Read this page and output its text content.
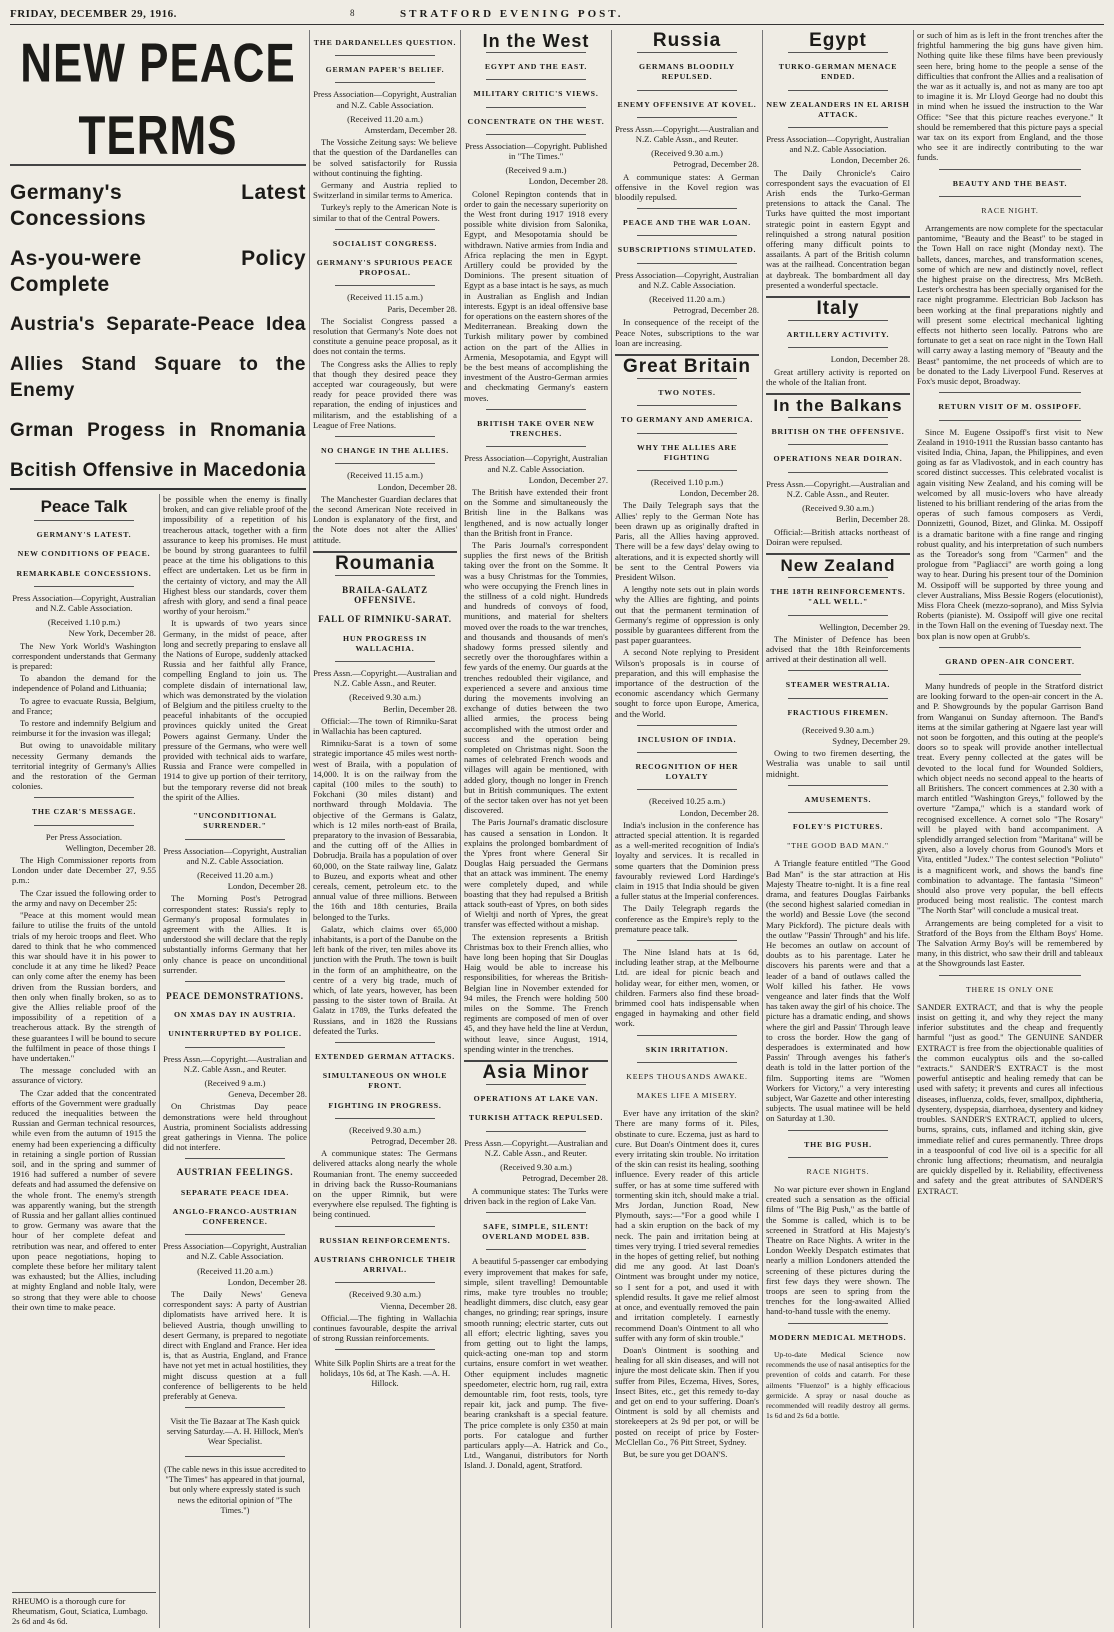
FRIDAY, DECEMBER 29, 1916.	8	STRATFORD EVENING POST.
NEW PEACE TERMS
Germany's Latest Concessions
As-you-were Policy Complete
Austria's Separate-Peace Idea
Allies Stand Square to the Enemy
Grman Progess in Rnomania
Bcitish Offensive in Macedonia
Peace Talk
GERMANY'S LATEST.
NEW CONDITIONS OF PEACE.
REMARKABLE CONCESSIONS.

Press Association—Copyright, Australian and N.Z. Cable Association.

(Received 1.10 p.m.)

New York, December 28.

The New York World's Washington correspondent understands that Germany is prepared:

To abandon the demand for the independence of Poland and Lithuania;

To agree to evacuate Russia, Belgium, and France;

To restore and indemnify Belgium and reimburse it for the invasion was illegal;

But owing to unavoidable military necessity Germany demands the territorial integrity of Germany's Allies and the restoration of the German colonies.

THE CZAR'S MESSAGE.

Per Press Association.

Wellington, December 28.

The High Commissioner reports from London under date December 27, 9.55 p.m.:

The Czar issued the following order to the army and navy on December 25:

"Peace at this moment would mean failure to utilise the fruits of the untold trials of my heroic troops and fleet. Who dared to think that he who commenced this war should have it in his power to conclude it at any time he liked? Peace can only come after the enemy has been driven from the Russian borders, and then only when finally broken, so as to give the Allies reliable proof of the impossibility of a repetition of a treacherous attack. By the strength of these guarantees I will be bound to secure the fulfilment in peace of those things I have undertaken."

The message concluded with an assurance of victory.

The Czar added that the concentrated efforts of the Government were gradually reduced the inequalities between the Russian and German technical resources, while even from the autumn of 1915 the enemy had been experiencing a difficulty in retaining a single portion of Russian soil, and in the spring and summer of 1916 had suffered a number of severe defeats and had assumed the defensive on the whole front. The enemy's strength was apparently waning, but the strength of Russia and her gallant allies continued to grow. Germany was aware that the hour of her complete defeat and retribution was near, and offered to enter upon peace negotiations, hoping to complete these before her military talent was exhausted; but the Allies, including at mighty England and noble Italy, were so strong that they were able to choose their own time to make peace.

RHEUMO is a thorough cure for Rheumatism, Gout, Sciatica, Lumbago. 2s 6d and 4s 6d.

be possible when the enemy is finally broken, and can give reliable proof of the impossibility of a repetition of his treacherous attack, together with a firm assurance to keep his promises. He must be bound by strong guarantees to fulfil peace at the time his obligations to this effect are undertaken. Let us be firm in the certainty of victory, and may the All Highest bless our standards, cover them afresh with glory, and send a final peace worthy of your heroism."

It is upwards of two years since Germany, in the midst of peace, after long and secretly preparing to enslave all the Nations of Europe, suddenly attacked Russia and her faithful ally France, compelling England to join us. The complete disdain of international law, which was demonstrated by the violation of Belgium and the pitiless cruelty to the peaceful inhabitants of the occupied provinces quickly united the Great Powers against Germany. Under the pressure of the Germans, who were well provided with technical aids to warfare, Russia and France were compelled in 1914 to give up portion of their territory, but the temporary reverse did not break the spirit of the Allies.

"UNCONDITIONAL SURRENDER."

Press Association—Copyright, Australian and N.Z. Cable Association.

(Received 11.20 a.m.)

London, December 28.

The Morning Post's Petrograd correspondent states: Russia's reply to Germany's proposal formulates in agreement with the Allies. It is understood she will declare that the reply substantially informs Germany that her only chance is peace on unconditional surrender.

PEACE DEMONSTRATIONS.
ON XMAS DAY IN AUSTRIA.
UNINTERRUPTED BY POLICE.

Press Assn.—Copyright.—Australian and N.Z. Cable Assn., and Reuter.

(Received 9 a.m.)

Geneva, December 28.

On Christmas Day peace demonstrations were held throughout Austria, prominent Socialists addressing great gatherings in Vienna. The police did not interfere.

AUSTRIAN FEELINGS.
SEPARATE PEACE IDEA.
ANGLO-FRANCO-AUSTRIAN CONFERENCE.

Press Association—Copyright, Australian and N.Z. Cable Association.

(Received 11.20 a.m.)

London, December 28.

The Daily News' Geneva correspondent says: A party of Austrian diplomatists have arrived here. It is believed Austria, though unwilling to desert Germany, is prepared to negotiate direct with England and France. Her idea is, that as Austria, England, and France have not yet met in actual hostilities, they might discuss question at a full conference of belligerents to be held preferably at Geneva.

Visit the Tie Bazaar at The Kash quick serving Saturday.—A. H. Hillock, Men's Wear Specialist.

(The cable news in this issue accredited to "The Times" has appeared in that journal, but only where expressly stated is such news the editorial opinion of "The Times.")

THE DARDANELLES QUESTION.
GERMAN PAPER'S BELIEF.

Press Association—Copyright, Australian and N.Z. Cable Association.

(Received 11.20 a.m.)

Amsterdam, December 28.

The Vossiche Zeitung says: We believe that the question of the Dardanelles can be solved satisfactorily for Russia without continuing the fighting.

Germany and Austria replied to Switzerland in similar terms to America.

Turkey's reply to the American Note is similar to that of the Central Powers.

SOCIALIST CONGRESS.
GERMANY'S SPURIOUS PEACE PROPOSAL.

(Received 11.15 a.m.)

Paris, December 28.

The Socialist Congress passed a resolution that Germany's Note does not constitute a genuine peace proposal, as it does not contain the terms.

The Congress asks the Allies to reply that though they desired peace they accepted war courageously, but were ready for peace provided there was reparation, the ending of injustices and militarism, and the establishing of a League of Free Nations.

NO CHANGE IN THE ALLIES.

(Received 11.15 a.m.)

London, December 28.

The Manchester Guardian declares that the second American Note received in London is explanatory of the first, and the Note does not alter the Allies' attitude.

Roumania
BRAILA-GALATZ OFFENSIVE.
FALL OF RIMNIKU-SARAT.
HUN PROGRESS IN WALLACHIA.

Press Assn.—Copyright.—Australian and N.Z. Cable Assn., and Reuter.

(Received 9.30 a.m.)

Berlin, December 28.

Official:—The town of Rimniku-Sarat in Wallachia has been captured.

Rimniku-Sarat is a town of some strategic importance 45 miles west north-west of Braila, with a population of 14,000. It is on the railway from the capital (100 miles to the south) to Fokchani (30 miles distant) and northward through Moldavia. The objective of the Germans is Galatz, which is 12 miles north-east of Braila, preparatory to the invasion of Bessarabia, and the cutting off of the Allies in Dobrudja. Braila has a population of over 60,000, on the State railway line, Galatz to Buzeu, and exports wheat and other cereals, cement, petroleum etc. to the annual value of three millions. Between the 16th and 18th centuries, Braila belonged to the Turks.

Galatz, which claims over 65,000 inhabitants, is a port of the Danube on the left bank of the river, ten miles above its junction with the Pruth. The town is built in the form of an amphitheatre, on the centre of a very big trade, much of which, of late years, however, has been passing to the sister town of Braila. At Galatz in 1789, the Turks defeated the Russians, and in 1828 the Russians defeated the Turks.

EXTENDED GERMAN ATTACKS.
SIMULTANEOUS ON WHOLE FRONT.
FIGHTING IN PROGRESS.

(Received 9.30 a.m.)

Petrograd, December 28.

A communique states: The Germans delivered attacks along nearly the whole Roumanian front. The enemy succeeded in driving back the Russo-Roumanians on the upper Rimnik, but were everywhere else repulsed. The fighting is being continued.

RUSSIAN REINFORCEMENTS.
AUSTRIANS CHRONICLE THEIR ARRIVAL.

(Received 9.30 a.m.)

Vienna, December 28.

Official.—The fighting in Wallachia continues favourable, despite the arrival of strong Russian reinforcements.

White Silk Poplin Shirts are a treat for the holidays, 10s 6d, at The Kash. —A. H. Hillock.

In the West
EGYPT AND THE EAST.
MILITARY CRITIC'S VIEWS.
CONCENTRATE ON THE WEST.

Press Association—Copyright. Published in "The Times."

(Received 9 a.m.)

London, December 28.

Colonel Repington contends that in order to gain the necessary superiority on the West front during 1917 1918 every possible white division from Salonika, Egypt, and Mesopotamia should be withdrawn. Native armies from India and Africa replacing the men in Egypt. Artillery could be provided by the Dominions. The present situation of Egypt as a base intact is he says, as much in Australian as English and Indian interests. Egypt is an ideal offensive base for operations on the eastern shores of the Mediterranean. Breaking down the Turkish military power by combined action on the part of the Allies in Armenia, Mesopotamia, and Egypt will be the best means of accomplishing the investment of the Austro-German armies and checkmating Germany's eastern moves.

BRITISH TAKE OVER NEW TRENCHES.

Press Association—Copyright, Australian and N.Z. Cable Association.

London, December 27.

The British have extended their front on the Somme and simultaneously the British line in the Balkans was lengthened, and is now actually longer than the British front in France.

The Paris Journal's correspondent supplies the first news of the British taking over the front on the Somme. It was a busy Christmas for the Tommies, who were occupying the French lines in the stillness of a cold night. Hundreds and hundreds of convoys of food, munitions, and material for shelters moved over the roads to the war trenches, and thousands and thousands of men's shadowy forms pressed silently and secretly over the thoroughfares within a few yards of the enemy. Our guards at the trenches redoubled their vigilance, and experienced a severe and anxious time during the movements involving an exchange of duties between the two allied armies, the process being accomplished with the utmost order and success and the operation being completed on Christmas night. Soon the names of celebrated French woods and villages will again be mentioned, with added glory, though no longer in French but in British communiques. The extent of the sector taken over has not yet been discovered.

The Paris Journal's dramatic disclosure has caused a sensation in London. It explains the prolonged bombardment of the Ypres front where General Sir Douglas Haig persuaded the Germans that an attack was imminent. The enemy were completely duped, and while boasting that they had repulsed a British attack south-east of Ypres, on both sides of Wieltji and north of Ypres, the great transfer was effected without a mishap.

The extension represents a British Christmas box to their French allies, who have long been hoping that Sir Douglas Haig would be able to increase his responsibilities, for whereas the British-Belgian line in November extended for 94 miles, the French were holding 500 miles on the Somme. The French regiments are composed of men of over 45, and they have held the line at Verdun, without leave, since August, 1914, spending winter in the trenches.

Asia Minor
OPERATIONS AT LAKE VAN.
TURKISH ATTACK REPULSED.

Press Assn.—Copyright.—Australian and N.Z. Cable Assn., and Reuter.

(Received 9.30 a.m.)

Petrograd, December 28.

A communique states: The Turks were driven back in the region of Lake Van.

SAFE, SIMPLE, SILENT! OVERLAND MODEL 83B.

A beautiful 5-passenger car embodying every improvement that makes for safe, simple, silent travelling! Demountable rims, make tyre troubles no trouble; headlight dimmers, disc clutch, easy gear changes, no grinding; rear springs, insure smooth running; electric starter, cuts out all effort; electric lighting, saves you from getting out to light the lamps, quick-acting one-man top and storm curtains, ensure comfort in wet weather. Other equipment includes magnetic speedometer, electric horn, rug rail, extra demountable rim, foot rests, tools, tyre repair kit, jack and pump. The five-bearing crankshaft is a special feature. The price complete is only £350 at main ports. For catalogue and further particulars apply—A. Hatrick and Co., Ltd., Wanganui, distributors for North Island. J. Donald, agent, Stratford.

Russia
GERMANS BLOODILY REPULSED.
ENEMY OFFENSIVE AT KOVEL.

Press Assn.—Copyright.—Australian and N.Z. Cable Assn., and Reuter.

(Received 9.30 a.m.)

Petrograd, December 28.

A communique states: A German offensive in the Kovel region was bloodily repulsed.

PEACE AND THE WAR LOAN.
SUBSCRIPTIONS STIMULATED.

Press Association—Copyright, Australian and N.Z. Cable Association.

(Received 11.20 a.m.)

Petrograd, December 28.

In consequence of the receipt of the Peace Notes, subscriptions to the war loan are increasing.

Great Britain
TWO NOTES.
TO GERMANY AND AMERICA.
WHY THE ALLIES ARE FIGHTING

(Received 1.10 p.m.)

London, December 28.

The Daily Telegraph says that the Allies' reply to the German Note has been drawn up as originally drafted in Paris, all the Allies having approved. There will be a few days' delay owing to alterations, and it is expected shortly will be sent to the Central Powers via President Wilson.

A lengthy note sets out in plain words why the Allies are fighting, and points out that the permanent termination of Germany's regime of oppression is only possible by guarantees different from the past paper guarantees.

A second Note replying to President Wilson's proposals is in course of preparation, and this will emphasise the importance of the destruction of the economic ascendancy which Germany sought to force upon Europe, America, and the World.

INCLUSION OF INDIA.
RECOGNITION OF HER LOYALTY

(Received 10.25 a.m.)

London, December 28.

India's inclusion in the conference has attracted special attention. It is regarded as a well-merited recognition of India's loyalty and services. It is recalled in some quarters that the Dominion press favourably reviewed Lord Hardinge's claim in 1915 that India should be given a fuller status at the Imperial conferences.

The Daily Telegraph regards the conference as the Empire's reply to the premature peace talk.

The Nine Island hats at 1s 6d, including leather strap, at the Melbourne Ltd. are ideal for picnic beach and holiday wear, for either men, women, or children. Farmers also find these broad-brimmed cool hats indispensable when engaged in haymaking and other field work.

SKIN IRRITATION.
KEEPS THOUSANDS AWAKE.
MAKES LIFE A MISERY.

Ever have any irritation of the skin? There are many forms of it. Piles, obstinate to cure. Eczema, just as hard to cure. But Doan's Ointment does it, cures every irritating skin trouble. No irritation of the skin can resist its healing, soothing influence. Every reader of this article suffer, or has at some time suffered with tormenting skin itch, should make a trial. Mrs Jordan, Junction Road, New Plymouth, says:—"For a good while I had a skin eruption on the back of my neck. The pain and irritation being at times very trying. I tried several remedies in the hopes of getting relief, but nothing did me any good. At last Doan's Ointment was brought under my notice, so I sent for a pot, and used it with splendid results. It gave me relief almost at once, and eventually removed the pain and irritation completely. I earnestly recommend Doan's Ointment to all who suffer with any form of skin trouble."

Doan's Ointment is soothing and healing for all skin diseases, and will not injure the most delicate skin. Then if you suffer from Piles, Eczema, Hives, Sores, Insect Bites, etc., get this remedy to-day and get on end to your suffering. Doan's Ointment is sold by all chemists and storekeepers at 2s 9d per pot, or will be posted on receipt of price by Foster-McClellan Co., 76 Pitt Street, Sydney.

But, be sure you get DOAN'S.

Egypt
TURKO-GERMAN MENACE ENDED.
NEW ZEALANDERS IN EL ARISH ATTACK.

Press Association—Copyright, Australian and N.Z. Cable Association.

London, December 26.

The Daily Chronicle's Cairo correspondent says the evacuation of El Arish ends the Turko-German pretensions to attack the Canal. The Turks have quitted the most important strategic point in eastern Egypt and relinquished a strong natural position offering many difficult points to assailants. A part of the British column was at the railhead. Concentration began at daybreak. The bombardment all day presented a wonderful spectacle.

Italy
ARTILLERY ACTIVITY.

London, December 28.

Great artillery activity is reported on the whole of the Italian front.

In the Balkans
BRITISH ON THE OFFENSIVE.
OPERATIONS NEAR DOIRAN.

Press Assn.—Copyright.—Australian and N.Z. Cable Assn., and Reuter.

(Received 9.30 a.m.)

Berlin, December 28.

Official:—British attacks northeast of Doiran were repulsed.

New Zealand
THE 18TH REINFORCEMENTS. "ALL WELL."

Wellington, December 29.

The Minister of Defence has been advised that the 18th Reinforcements arrived at their destination all well.

STEAMER WESTRALIA.
FRACTIOUS FIREMEN.

(Received 9.30 a.m.)

Sydney, December 29.

Owing to two firemen deserting, the Westralia was unable to sail until midnight.

AMUSEMENTS.
FOLEY'S PICTURES.
"THE GOOD BAD MAN."

A Triangle feature entitled "The Good Bad Man" is the star attraction at His Majesty Theatre to-night. It is a fine real drama, and features Douglas Fairbanks (the second highest salaried comedian in the world) and Bessie Love (the second Mary Pickford). The picture deals with the outlaw "Passin' Through" and his life. He becomes an outlaw on account of doubts as to his parentage. Later he discovers his parents were and that a leader of a band of outlaws called the Wolf killed his father. He vows vengeance and later finds that the Wolf has taken away the girl of his choice. The picture has a dramatic ending, and shows where the girl and Passin' Through leave to cross the border. How the gang of desperadoes is exterminated and how Passin' Through avenges his father's death is told in the latter portion of the film. Supporting items are "Women Workers for Victory," a very interesting subject, War Gazette and other interesting subjects. The usual matinee will be held on Saturday at 1.30.

THE BIG PUSH.
RACE NIGHTS.

No war picture ever shown in England created such a sensation as the official films of "The Big Push," as the battle of the Somme is called, which is to be screened in Stratford at His Majesty's Theatre on Race Nights. A writer in the London Weekly Despatch estimates that nearly a million Londoners attended the screening of these pictures during the first few days they were shown. The troops are seen to spring from the trenches for the long-awaited Allied hand-to-hand tussle with the enemy.

MODERN MEDICAL METHODS.

Up-to-date Medical Science now recommends the use of nasal antiseptics for the prevention of colds and catarrh. For these ailments "Fluenzol" is a highly efficacious germicide. A spray or nasal douche as recommended will readily destroy all germs. 1s 6d and 2s 6d a bottle.

or such of him as is left in the front trenches after the frightful hammering the big guns have given him. Nothing quite like these films have been previously seen here, bring home to the people a sense of the difficulties that confront the Allies and a realisation of the war as it actually is, and not as many are too apt to imagine it is. Mr Lloyd George had no doubt this in mind when he issued the instruction to the War Office: "See that this picture reaches everyone." It should be remembered that this picture pays a special war tax on its export from England, and the those who see it are indirectly contributing to the war funds.

BEAUTY AND THE BEAST.
RACE NIGHT.

Arrangements are now complete for the spectacular pantomime, "Beauty and the Beast" to be staged in the Town Hall on race night (Monday next). The ballets, dances, marches, and transformation scenes, some of which are new and distinctly novel, reflect the highest praise on the directress, Mrs McBeth. Lester's orchestra has been specially organised for the race night programme. Electrician Bob Jackson has been working at the final preparations nightly and will present some electrical mechanical lighting effects not hitherto seen locally. Patrons who are fortunate to get a seat on race night in the Town Hall will carry away a lasting memory of "Beauty and the Beast" pantomime, the net proceeds of which are to be donated to the Lady Liverpool Fund. Reserves at Fox's music depot, Broadway.

RETURN VISIT OF M. OSSIPOFF.

Since M. Eugene Ossipoff's first visit to New Zealand in 1910-1911 the Russian basso cantanto has visited India, China, Japan, the Philippines, and even going as far as Vladivostok, and in each country has scored distinct successes. This celebrated vocalist is again visiting New Zealand, and his coming will be welcomed by all music-lovers who have already listened to his brilliant rendering of the arias from the operas of such famous composers as Verdi, Donnizetti, Gounod, Bizet, and Glinka. M. Ossipoff is a dramatic baritone with a fine range and ringing robust quality, and his interpretation of such numbers as the Toreador's song from "Carmen" and the prologue from "Pagliacci" are worth going a long way to hear. During his present tour of the Dominion M. Ossipoff will be supported by three young and clever Australians, Miss Bessie Rogers (elocutionist), Miss Flora Cheek (mezzo-soprano), and Miss Sylvia Roberts (pianiste). M. Ossipoff will give one recital in the Town Hall on the evening of Tuesday next. The box plan is now open at Grubb's.

GRAND OPEN-AIR CONCERT.

Many hundreds of people in the Stratford district are looking forward to the open-air concert in the A. and P. Showgrounds by the popular Garrison Band from Wanganui on Sunday afternoon. The Band's items at the similar gathering at Ngaere last year will not soon be forgotten, and this outing at the people's doors so to speak will provide another intellectual treat. Every penny collected at the gates will be devoted to the local fund for Wounded Soldiers, which object needs no second appeal to the hearts of all Britishers. The concert commences at 2.30 with a march entitled "Washington Greys," followed by the overture "Zampa," which is a standard work of recognised excellence. A cornet solo "The Rosary" will be played with band accompaniment. A splendidly arranged selection from "Maritana" will be given, also a lovely chorus from Gounod's Mors et Vita, entitled "Judex." The contest selection "Poliuto" is a magnificent work, and shows the band's fine combination to advantage. The fantasia "Simeon" should also prove very popular, the bell effects produced being most realistic. The contest march "The North Star" will conclude a musical treat.

Arrangements are being completed for a visit to Stratford of the Boys from the Eltham Boys' Home. The Salvation Army Boy's will be remembered by many, in this district, who saw their drill and tableaux at the Showgrounds last Easter.

THERE IS ONLY ONE

SANDER EXTRACT, and that is why the people insist on getting it, and why they reject the many inferior substitutes and the cheap and frequently harmful "just as good." The GENUINE SANDER EXTRACT is free from the objectionable qualities of the common eucalyptus oils and the so-called "extracts." SANDER'S EXTRACT is the most powerful antiseptic and healing remedy that can be used with safety; it prevents and cures all infectious diseases, influenza, colds, fever, smallpox, diphtheria, dysentery, dyspepsia, diarrhoea, dysentery and kidney troubles. SANDER'S EXTRACT, applied to ulcers, burns, sprains, cuts, inflamed and itching skin, give immediate relief and cures permanently. Three drops in a teaspoonful of cod live oil is a specific for all chronic lung affections; rheumatism, and neuralgia are quickly dispelled by it. Reliability, effectiveness and safety and the great attributes of SANDER'S EXTRACT.
